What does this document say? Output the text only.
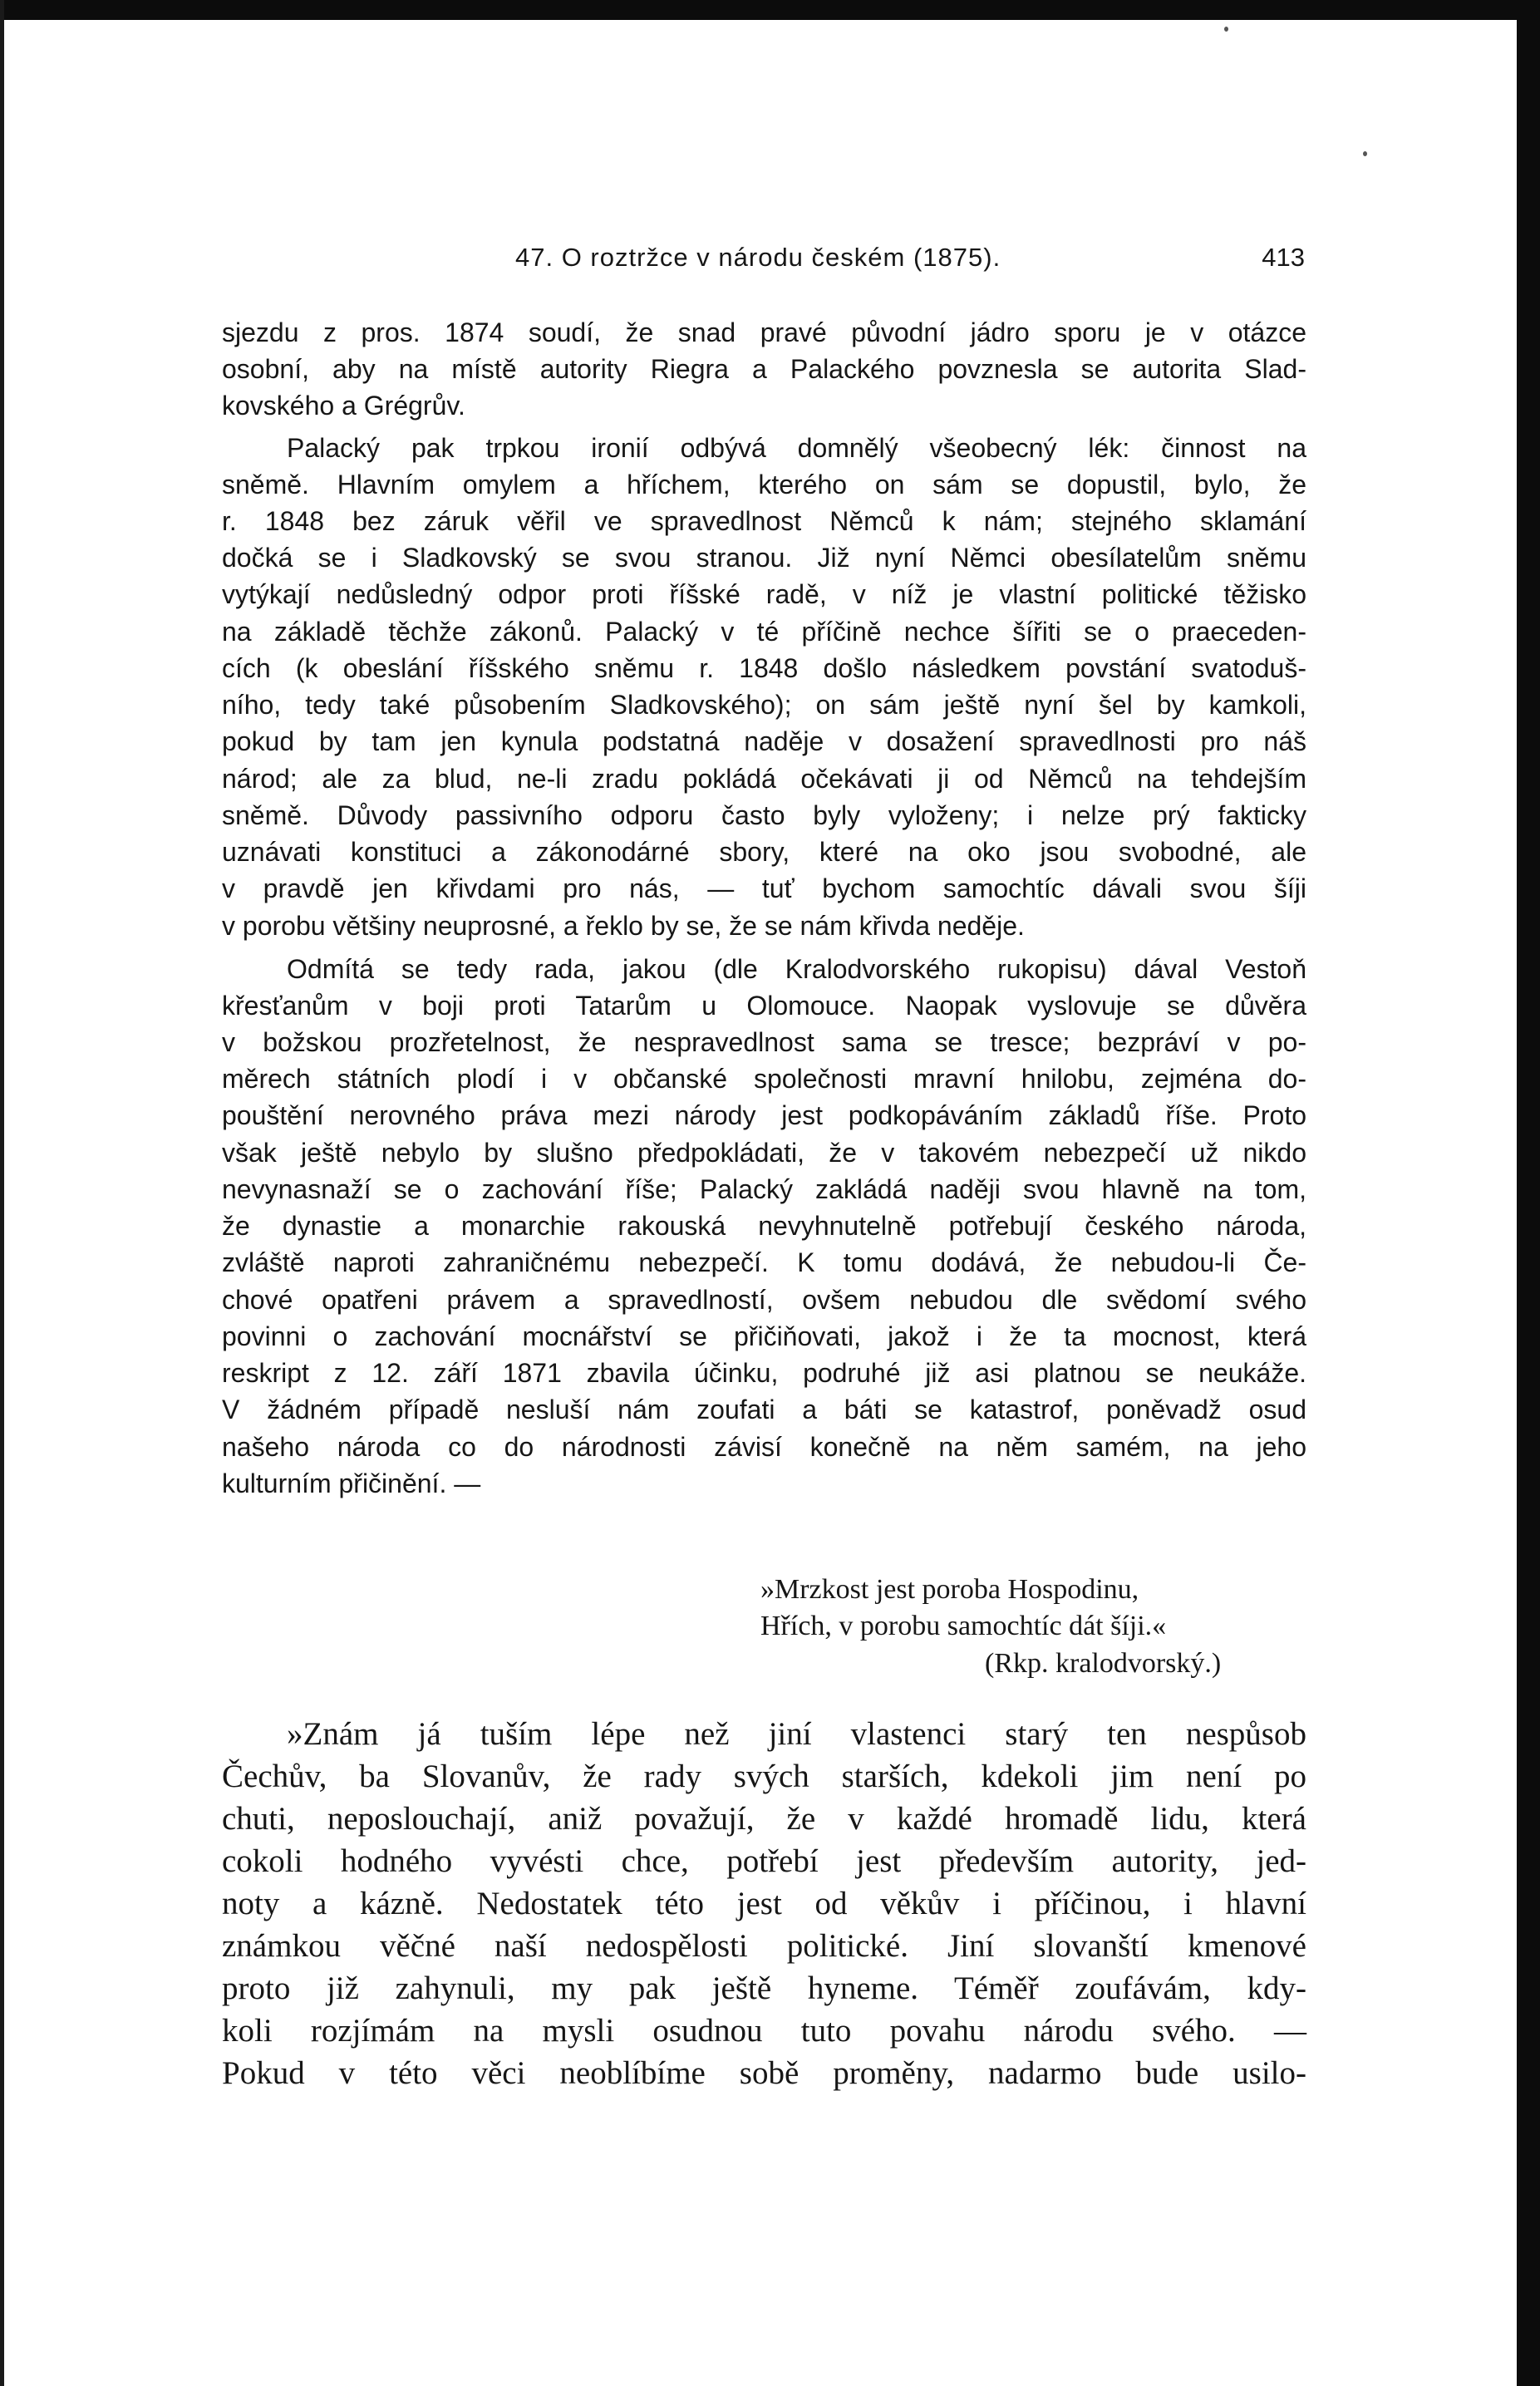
47. O roztržce v národu českém (1875).	413
sjezdu z pros. 1874 soudí, že snad pravé původní jádro sporu je v otázce
osobní, aby na místě autority Riegra a Palackého povznesla se autorita Slad-
kovského a Grégrův.
Palacký pak trpkou ironií odbývá domnělý všeobecný lék: činnost na
sněmě. Hlavním omylem a hříchem, kterého on sám se dopustil, bylo, že
r. 1848 bez záruk věřil ve spravedlnost Němců k nám; stejného sklamání
dočká se i Sladkovský se svou stranou. Již nyní Němci obesílatelům sněmu
vytýkají nedůsledný odpor proti říšské radě, v níž je vlastní politické těžisko
na základě těchže zákonů. Palacký v té příčině nechce šířiti se o praeceden-
cích (k obeslání říšského sněmu r. 1848 došlo následkem povstání svatoduš-
ního, tedy také působením Sladkovského); on sám ještě nyní šel by kamkoli,
pokud by tam jen kynula podstatná naděje v dosažení spravedlnosti pro náš
národ; ale za blud, ne-li zradu pokládá očekávati ji od Němců na tehdejším
sněmě. Důvody passivního odporu často byly vyloženy; i nelze prý fakticky
uznávati konstituci a zákonodárné sbory, které na oko jsou svobodné, ale
v pravdě jen křivdami pro nás, — tuť bychom samochtíc dávali svou šíji
v porobu většiny neuprosné, a řeklo by se, že se nám křivda neděje.
Odmítá se tedy rada, jakou (dle Kralodvorského rukopisu) dával Vestoň
křesťanům v boji proti Tatarům u Olomouce. Naopak vyslovuje se důvěra
v božskou prozřetelnost, že nespravedlnost sama se tresce; bezpráví v po-
měrech státních plodí i v občanské společnosti mravní hnilobu, zejména do-
pouštění nerovného práva mezi národy jest podkopáváním základů říše. Proto
však ještě nebylo by slušno předpokládati, že v takovém nebezpečí už nikdo
nevynasnaží se o zachování říše; Palacký zakládá naději svou hlavně na tom,
že dynastie a monarchie rakouská nevyhnutelně potřebují českého národa,
zvláště naproti zahraničnému nebezpečí. K tomu dodává, že nebudou-li Če-
chové opatřeni právem a spravedlností, ovšem nebudou dle svědomí svého
povinni o zachování mocnářství se přičiňovati, jakož i že ta mocnost, která
reskript z 12. září 1871 zbavila účinku, podruhé již asi platnou se neukáže.
V žádném případě nesluší nám zoufati a báti se katastrof, poněvadž osud
našeho národa co do národnosti závisí konečně na něm samém, na jeho
kulturním přičinění. —
»Mrzkost jest poroba Hospodinu,
Hřích, v porobu samochtíc dát šíji.«
(Rkp. kralodvorský.)
»Znám já tuším lépe než jiní vlastenci starý ten nespůsob
Čechův, ba Slovanův, že rady svých starších, kdekoli jim není po
chuti, neposlouchají, aniž považují, že v každé hromadě lidu, která
cokoli hodného vyvésti chce, potřebí jest především autority, jed-
noty a kázně. Nedostatek této jest od věkův i příčinou, i hlavní
známkou věčné naší nedospělosti politické. Jiní slovanští kmenové
proto již zahynuli, my pak ještě hyneme. Téměř zoufávám, kdy-
koli rozjímám na mysli osudnou tuto povahu národu svého. —
Pokud v této věci neoblíbíme sobě proměny, nadarmo bude usilo-
